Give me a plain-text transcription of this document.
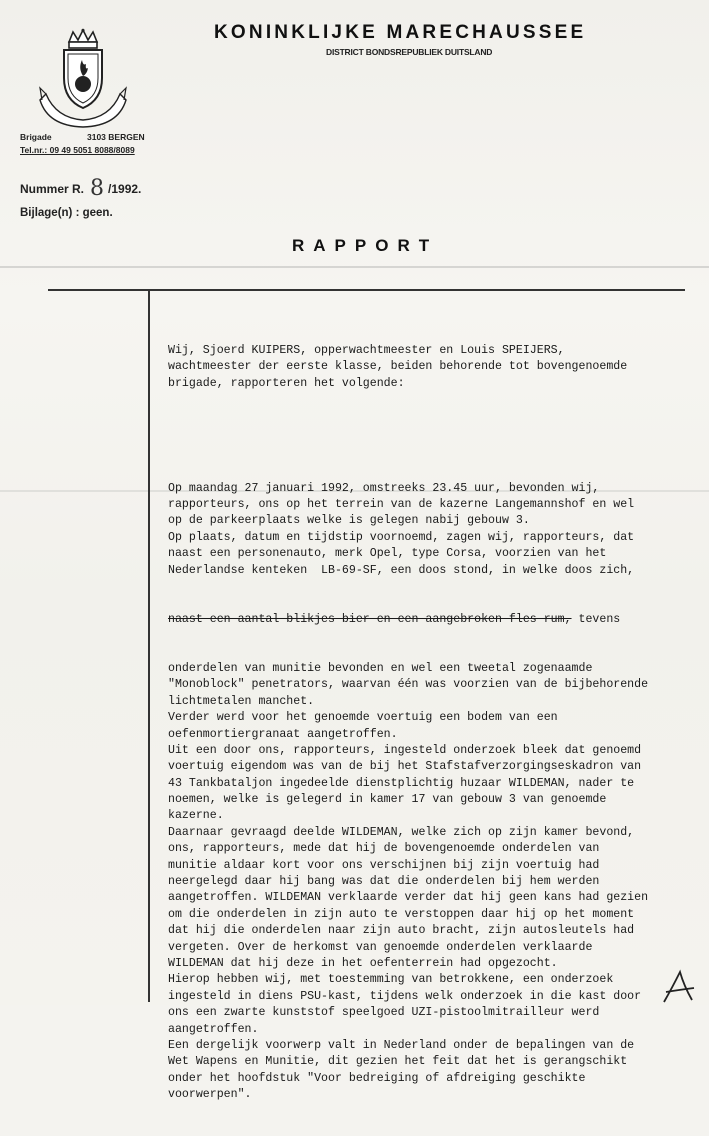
KONINKLIJKE MARECHAUSSEE
DISTRICT BONDSREPUBLIEK DUITSLAND
Brigade	3103 BERGEN
Tel.nr.: 09 49 5051 8088/8089
Nummer R. 8 /1992.
Bijlage(n) : geen.
RAPPORT

Wij, Sjoerd KUIPERS, opperwachtmeester en Louis SPEIJERS,
wachtmeester der eerste klasse, beiden behorende tot bovengenoemde
brigade, rapporteren het volgende:

Op maandag 27 januari 1992, omstreeks 23.45 uur, bevonden wij,
rapporteurs, ons op het terrein van de kazerne Langemannshof en wel
op de parkeerplaats welke is gelegen nabij gebouw 3.
Op plaats, datum en tijdstip voornoemd, zagen wij, rapporteurs, dat
naast een personenauto, merk Opel, type Corsa, voorzien van het
Nederlandse kenteken  LB-69-SF, een doos stond, in welke doos zich,

naast een aantal blikjes bier en een aangebroken fles rum, tevens

onderdelen van munitie bevonden en wel een tweetal zogenaamde
"Monoblock" penetrators, waarvan één was voorzien van de bijbehorende
lichtmetalen manchet.
Verder werd voor het genoemde voertuig een bodem van een
oefenmortiergranaat aangetroffen.
Uit een door ons, rapporteurs, ingesteld onderzoek bleek dat genoemd
voertuig eigendom was van de bij het Stafstafverzorgingseskadron van
43 Tankbataljon ingedeelde dienstplichtig huzaar WILDEMAN, nader te
noemen, welke is gelegerd in kamer 17 van gebouw 3 van genoemde
kazerne.
Daarnaar gevraagd deelde WILDEMAN, welke zich op zijn kamer bevond,
ons, rapporteurs, mede dat hij de bovengenoemde onderdelen van
munitie aldaar kort voor ons verschijnen bij zijn voertuig had
neergelegd daar hij bang was dat die onderdelen bij hem werden
aangetroffen. WILDEMAN verklaarde verder dat hij geen kans had gezien
om die onderdelen in zijn auto te verstoppen daar hij op het moment
dat hij die onderdelen naar zijn auto bracht, zijn autosleutels had
vergeten. Over de herkomst van genoemde onderdelen verklaarde
WILDEMAN dat hij deze in het oefenterrein had opgezocht.
Hierop hebben wij, met toestemming van betrokkene, een onderzoek
ingesteld in diens PSU-kast, tijdens welk onderzoek in die kast door
ons een zwarte kunststof speelgoed UZI-pistoolmitrailleur werd
aangetroffen.
Een dergelijk voorwerp valt in Nederland onder de bepalingen van de
Wet Wapens en Munitie, dit gezien het feit dat het is gerangschikt
onder het hoofdstuk "Voor bedreiging of afdreiging geschikte
voorwerpen".
